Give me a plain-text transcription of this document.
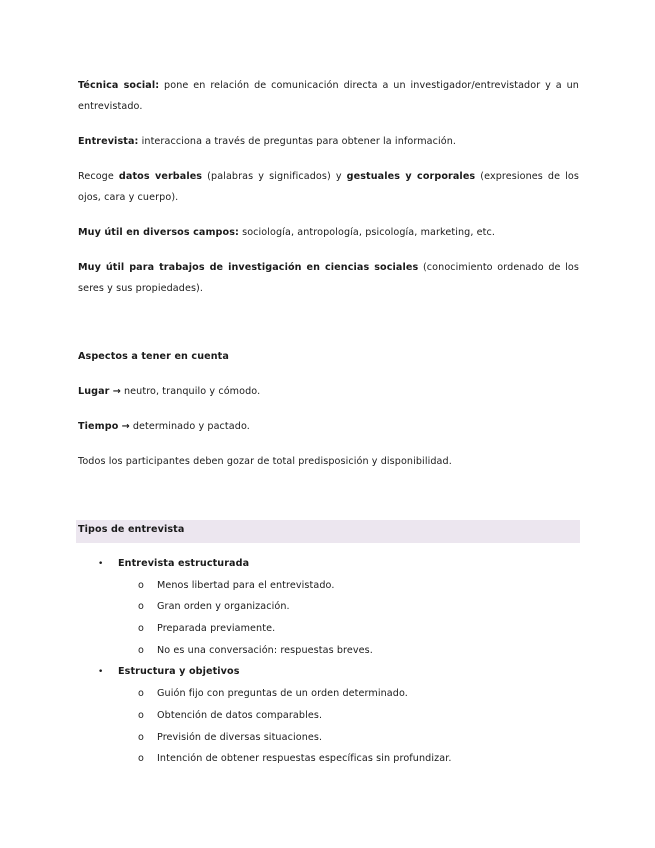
Técnica social: pone en relación de comunicación directa a un investigador/entrevistador y a un entrevistado.

Entrevista: interacciona a través de preguntas para obtener la información.

Recoge datos verbales (palabras y significados) y gestuales y corporales (expresiones de los ojos, cara y cuerpo).

Muy útil en diversos campos: sociología, antropología, psicología, marketing, etc.

Muy útil para trabajos de investigación en ciencias sociales (conocimiento ordenado de los seres y sus propiedades).

Aspectos a tener en cuenta

Lugar → neutro, tranquilo y cómodo.

Tiempo → determinado y pactado.

Todos los participantes deben gozar de total predisposición y disponibilidad.

Tipos de entrevista
• Entrevista estructurada
o Menos libertad para el entrevistado.
o Gran orden y organización.
o Preparada previamente.
o No es una conversación: respuestas breves.
• Estructura y objetivos
o Guión fijo con preguntas de un orden determinado.
o Obtención de datos comparables.
o Previsión de diversas situaciones.
o Intención de obtener respuestas específicas sin profundizar.
